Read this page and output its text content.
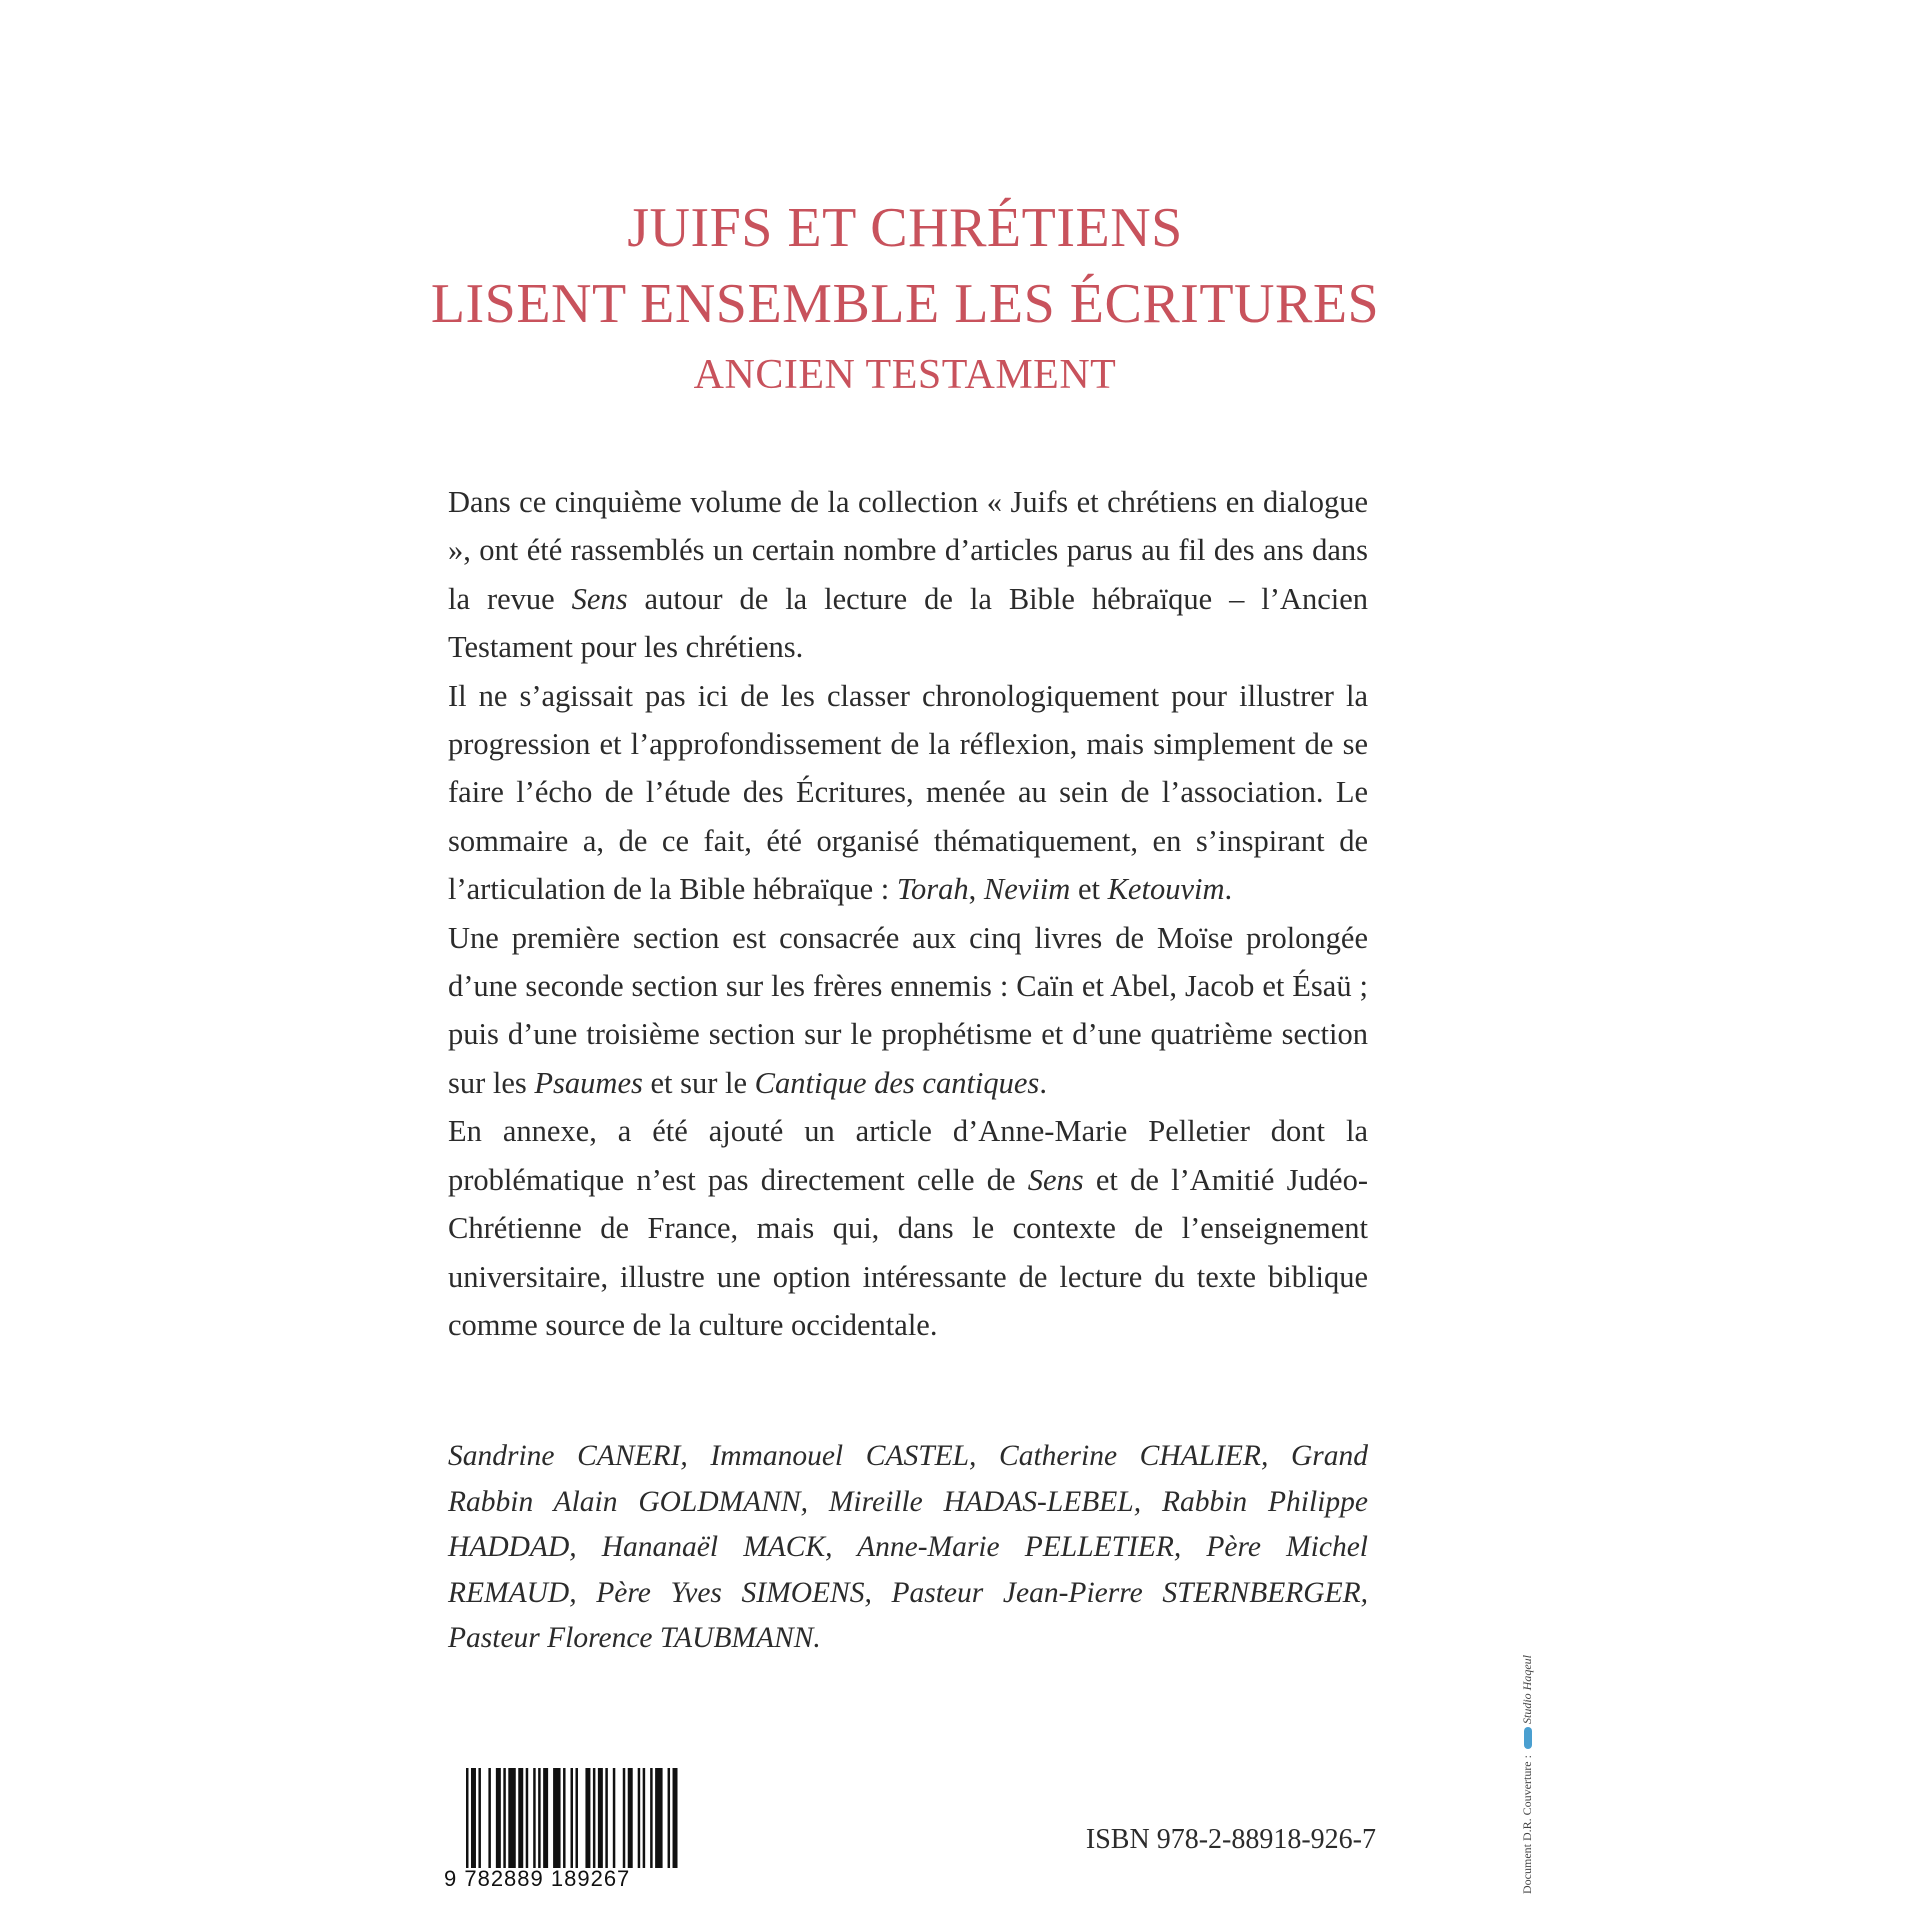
JUIFS ET CHRÉTIENS
LISENT ENSEMBLE LES ÉCRITURES
ANCIEN TESTAMENT

Dans ce cinquième volume de la collection « Juifs et chrétiens en dialogue », ont été rassemblés un certain nombre d’articles parus au fil des ans dans la revue Sens autour de la lecture de la Bible hébraïque – l’Ancien Testament pour les chrétiens.

Il ne s’agissait pas ici de les classer chronologiquement pour illustrer la progression et l’approfondissement de la réflexion, mais simplement de se faire l’écho de l’étude des Écritures, menée au sein de l’association. Le sommaire a, de ce fait, été organisé thématiquement, en s’inspirant de l’articulation de la Bible hébraïque : Torah, Neviim et Ketouvim.

Une première section est consacrée aux cinq livres de Moïse prolongée d’une seconde section sur les frères ennemis : Caïn et Abel, Jacob et Ésaü ; puis d’une troisième section sur le prophétisme et d’une quatrième section sur les Psaumes et sur le Cantique des cantiques.

En annexe, a été ajouté un article d’Anne-Marie Pelletier dont la problématique n’est pas directement celle de Sens et de l’Amitié Judéo-Chrétienne de France, mais qui, dans le contexte de l’enseignement universitaire, illustre une option intéressante de lecture du texte biblique comme source de la culture occidentale.

Sandrine CANERI, Immanouel CASTEL, Catherine CHALIER, Grand Rabbin Alain GOLDMANN, Mireille HADAS-LEBEL, Rabbin Philippe HADDAD, Hananaël MACK, Anne-Marie PELLETIER, Père Michel REMAUD, Père Yves SIMOENS, Pasteur Jean-Pierre STERNBERGER, Pasteur Florence TAUBMANN.
9 782889 189267
ISBN 978-2-88918-926-7	Document D.R. Couverture : Studio Haqeul
